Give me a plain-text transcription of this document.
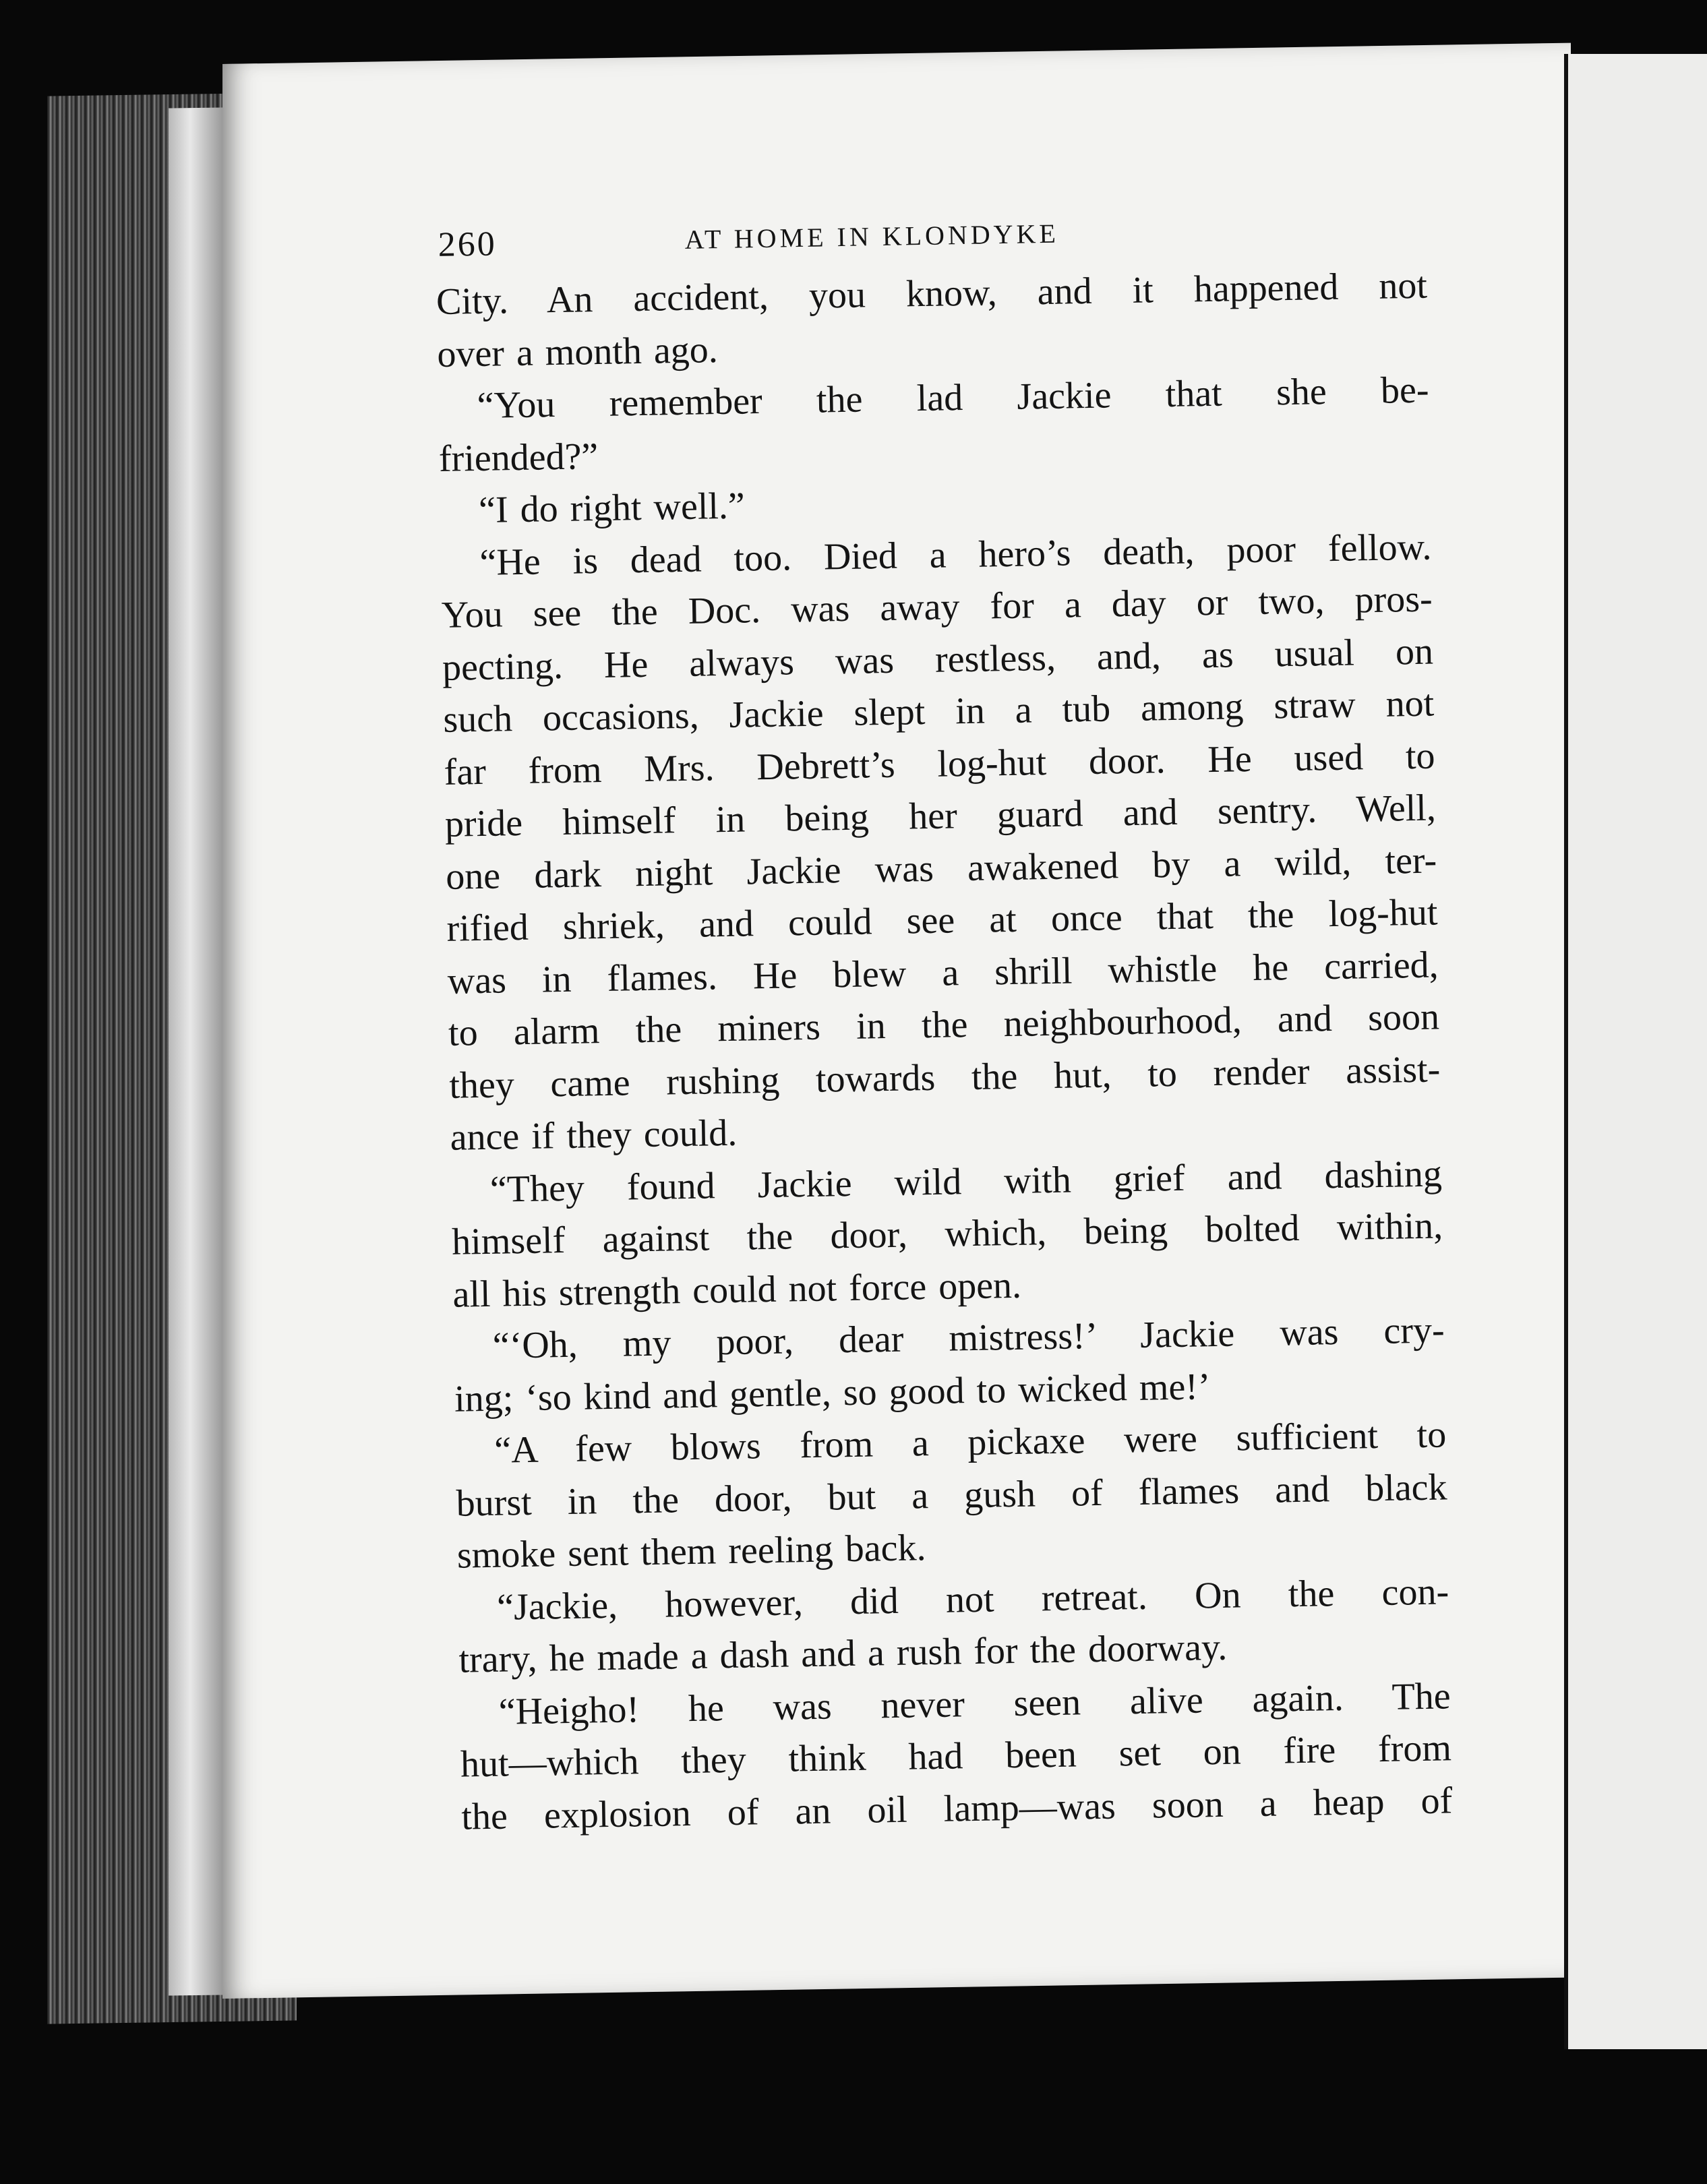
260	AT HOME IN KLONDYKE
City. An accident, you know, and it happened not
over a month ago.
“You remember the lad Jackie that she be-
friended?”
“I do right well.”
“He is dead too. Died a hero’s death, poor fellow.
You see the Doc. was away for a day or two, pros-
pecting. He always was restless, and, as usual on
such occasions, Jackie slept in a tub among straw not
far from Mrs. Debrett’s log-hut door. He used to
pride himself in being her guard and sentry. Well,
one dark night Jackie was awakened by a wild, ter-
rified shriek, and could see at once that the log-hut
was in flames. He blew a shrill whistle he carried,
to alarm the miners in the neighbourhood, and soon
they came rushing towards the hut, to render assist-
ance if they could.
“They found Jackie wild with grief and dashing
himself against the door, which, being bolted within,
all his strength could not force open.
“‘Oh, my poor, dear mistress!’ Jackie was cry-
ing; ‘so kind and gentle, so good to wicked me!’
“A few blows from a pickaxe were sufficient to
burst in the door, but a gush of flames and black
smoke sent them reeling back.
“Jackie, however, did not retreat. On the con-
trary, he made a dash and a rush for the doorway.
“Heigho! he was never seen alive again. The
hut—which they think had been set on fire from
the explosion of an oil lamp—was soon a heap of
